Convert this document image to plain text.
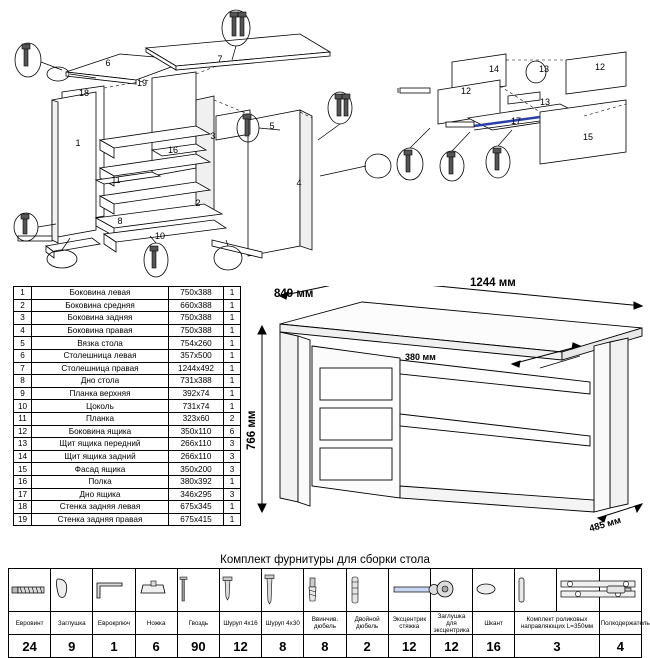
6	7
19
18
1
3
5
16
11
8
10
4
2
14	13	12
12
13
17
15
1	Боковина левая	750x388	1
2	Боковина средняя	660x388	1
3	Боковина задняя	750x388	1
4	Боковина правая	750x388	1
5	Вязка стола	754x260	1
6	Столешница левая	357x500	1
7	Столешница правая	1244x492	1
8	Дно стола	731x388	1
9	Планка верхняя	392x74	1
10	Цоколь	731x74	1
11	Планка	323x60	2
12	Боковина ящика	350x110	6
13	Щит ящика передний	266x110	3
14	Щит ящика задний	266x110	3
15	Фасад ящика	350x200	3
16	Полка	380x392	1
17	Дно ящика	346x295	3
18	Стенка задняя левая	675x345	1
19	Стенка задняя правая	675x415	1
849 мм
1244 мм
380 мм
766 мм
485 мм
Комплект фурнитуры для сборки стола

Евровинт	Заглушка	Еврокрлюч	Ножка	Гвоздь	Шуруп 4х16	Шуруп 4х30	Ввинчив. дюбель	Двойной дюбель	Эксцентрик стяжка	Заглушка для эксцентрика	Шкант	Комплект роликовых направляющих L=350мм		Полкодержатель
24	9	1	6	90	12	8	8	2	12	12	16	3		4
